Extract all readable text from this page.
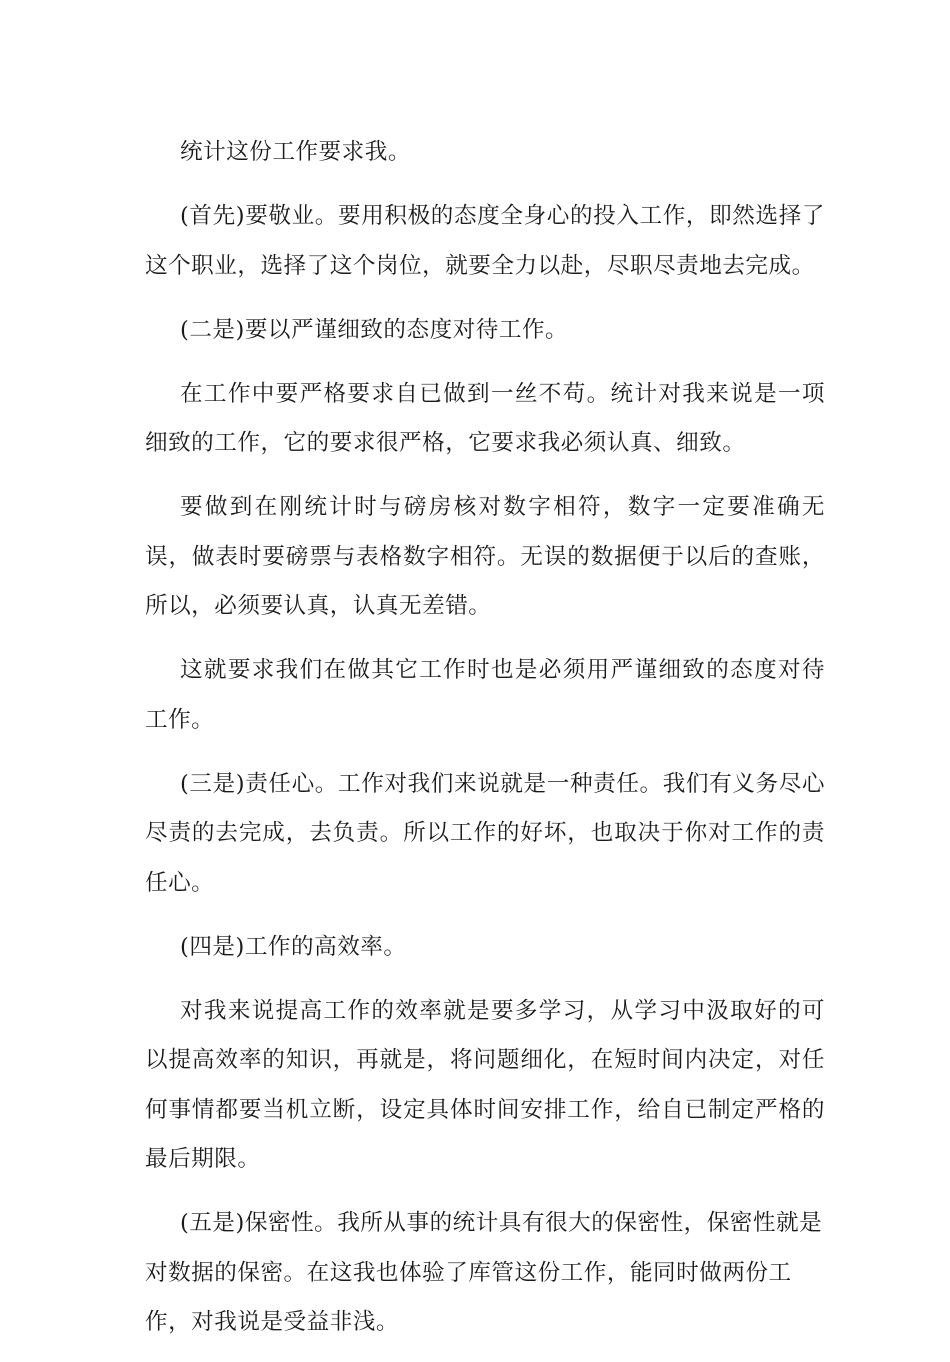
统计这份工作要求我。

(首先)要敬业。要用积极的态度全身心的投入工作，即然选择了这个职业，选择了这个岗位，就要全力以赴，尽职尽责地去完成。

(二是)要以严谨细致的态度对待工作。

在工作中要严格要求自已做到一丝不苟。统计对我来说是一项细致的工作，它的要求很严格，它要求我必须认真、细致。

要做到在刚统计时与磅房核对数字相符，数字一定要准确无误，做表时要磅票与表格数字相符。无误的数据便于以后的查账，所以，必须要认真，认真无差错。

这就要求我们在做其它工作时也是必须用严谨细致的态度对待工作。

(三是)责任心。工作对我们来说就是一种责任。我们有义务尽心尽责的去完成，去负责。所以工作的好坏，也取决于你对工作的责任心。

(四是)工作的高效率。

对我来说提高工作的效率就是要多学习，从学习中汲取好的可以提高效率的知识，再就是，将问题细化，在短时间内决定，对任何事情都要当机立断，设定具体时间安排工作，给自已制定严格的最后期限。

(五是)保密性。我所从事的统计具有很大的保密性，保密性就是对数据的保密。在这我也体验了库管这份工作，能同时做两份工作，对我说是受益非浅。
